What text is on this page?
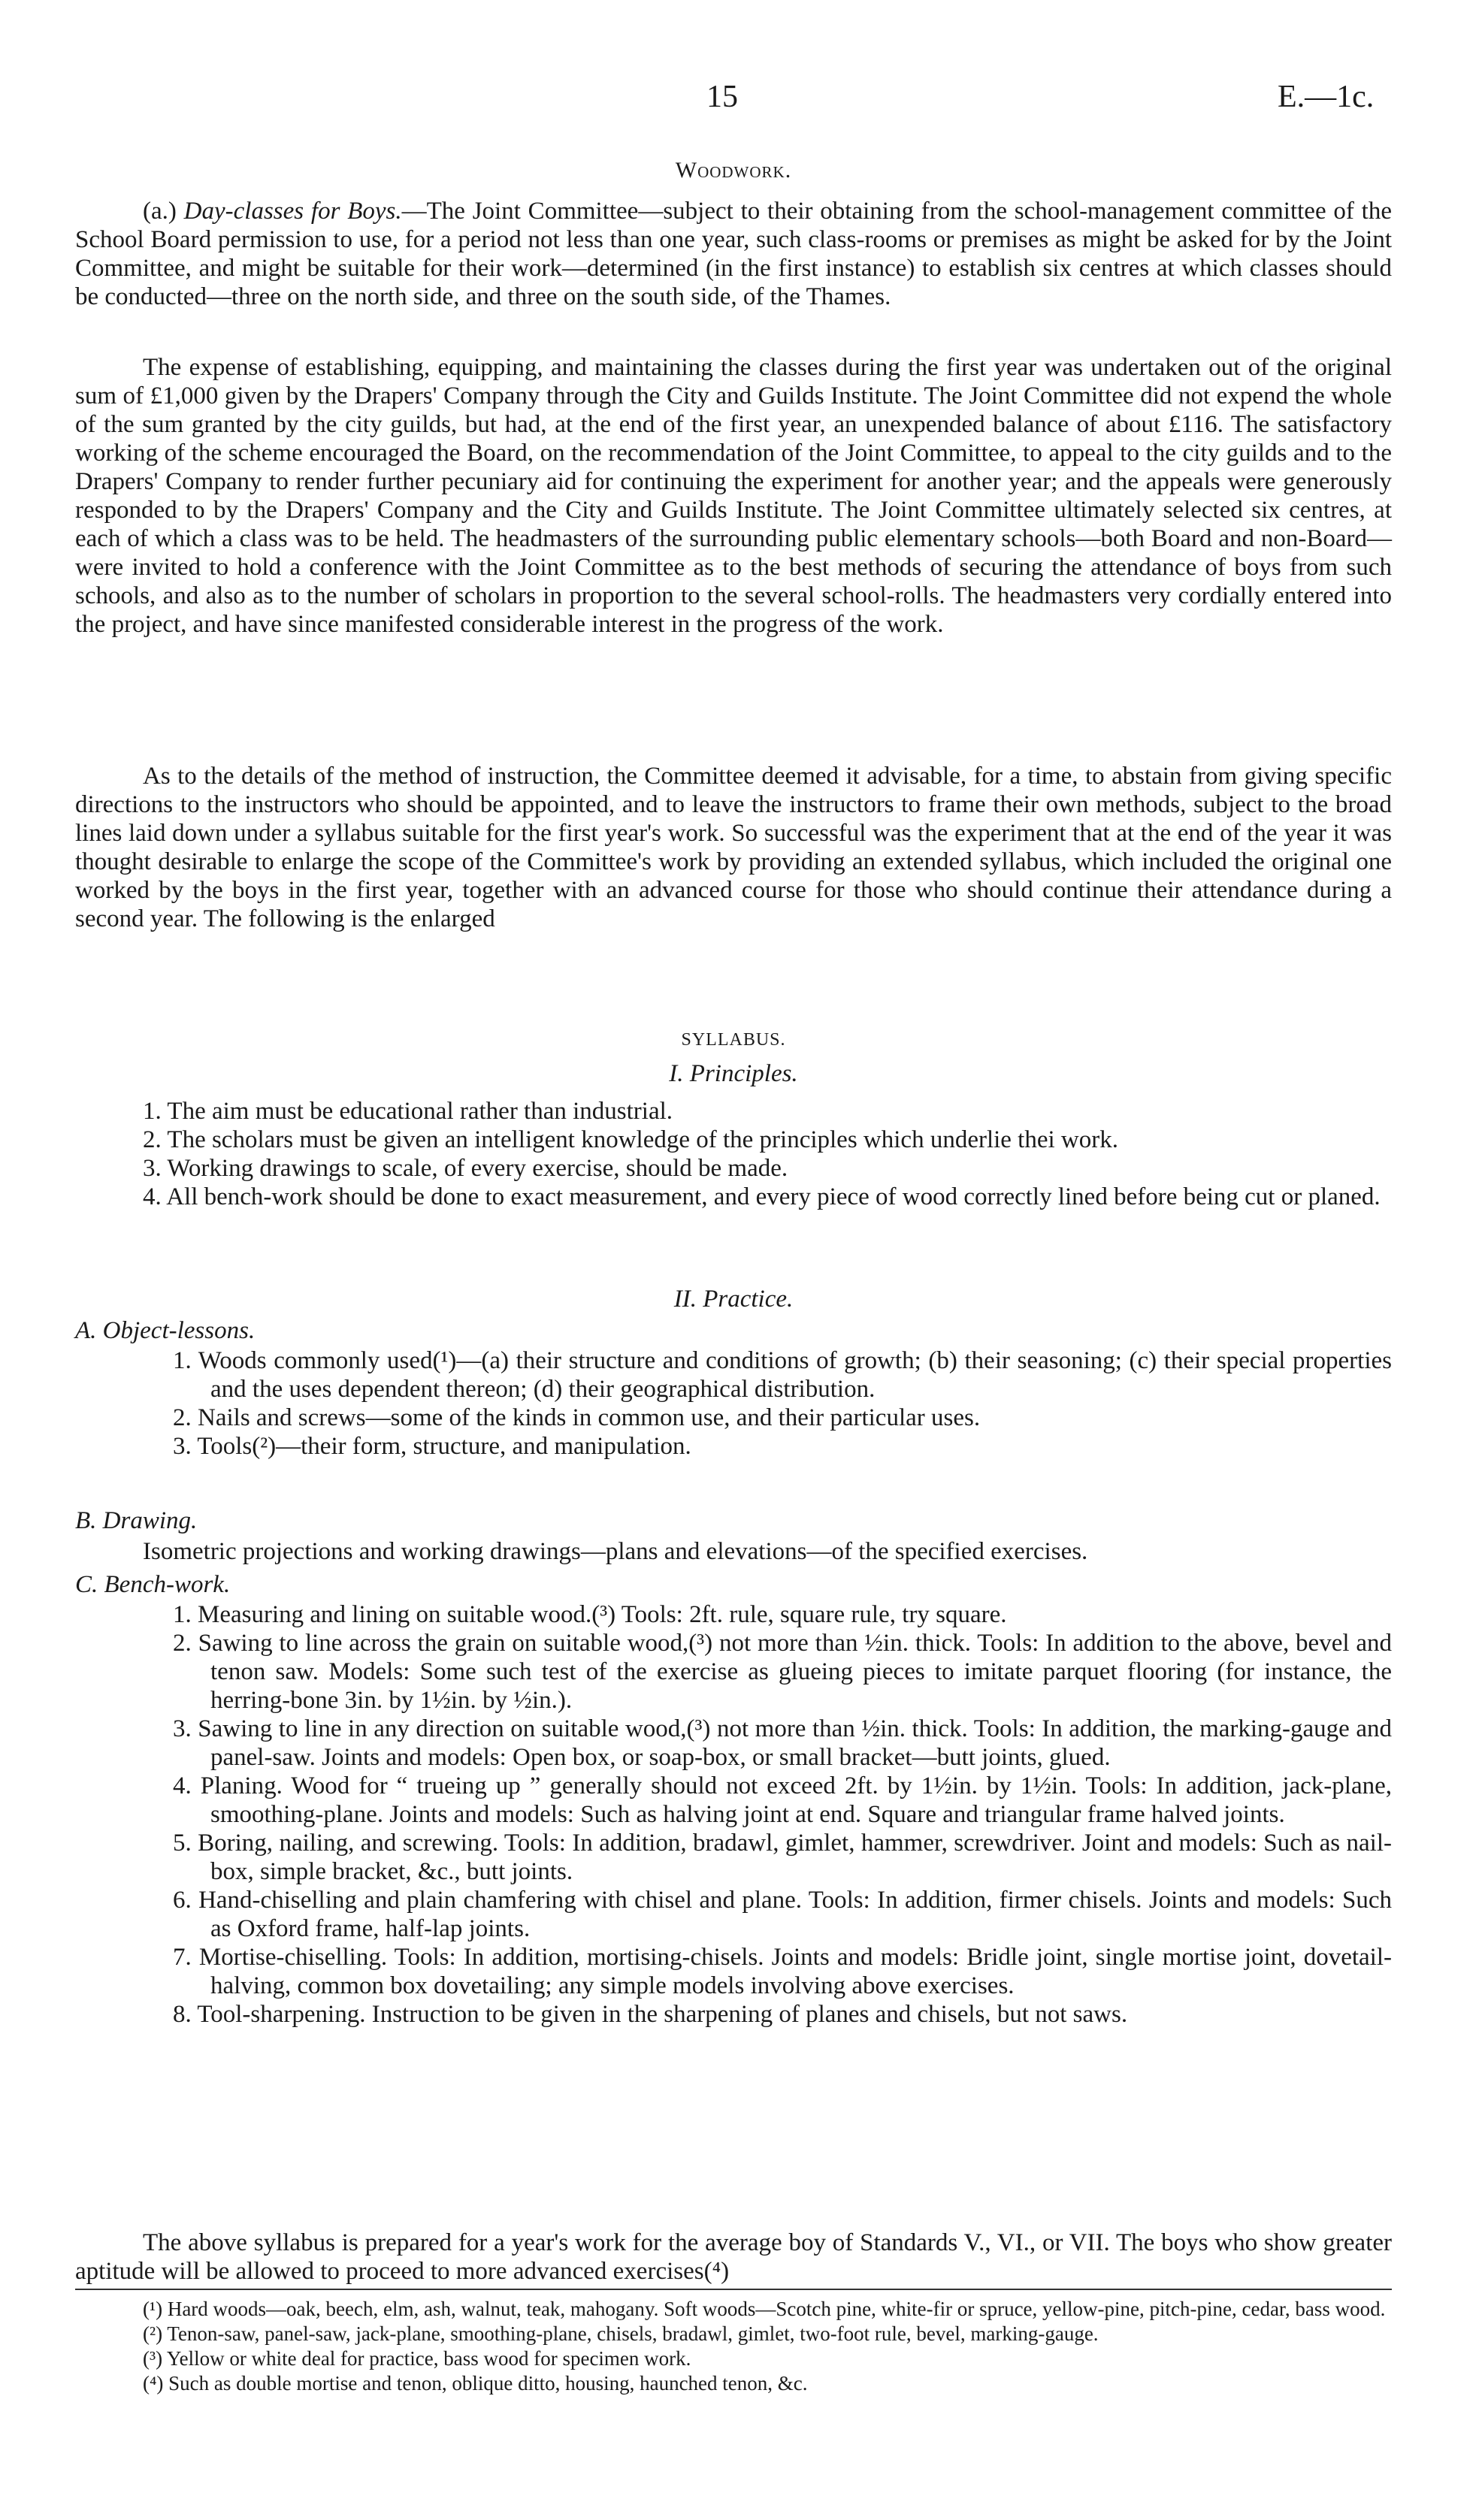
15	E.—1c.
Woodwork.

(a.) Day-classes for Boys.—The Joint Committee—subject to their obtaining from the school-management committee of the School Board permission to use, for a period not less than one year, such class-rooms or premises as might be asked for by the Joint Committee, and might be suitable for their work—determined (in the first instance) to establish six centres at which classes should be conducted—three on the north side, and three on the south side, of the Thames.

The expense of establishing, equipping, and maintaining the classes during the first year was undertaken out of the original sum of £1,000 given by the Drapers' Company through the City and Guilds Institute. The Joint Committee did not expend the whole of the sum granted by the city guilds, but had, at the end of the first year, an unexpended balance of about £116. The satisfactory working of the scheme encouraged the Board, on the recommendation of the Joint Committee, to appeal to the city guilds and to the Drapers' Company to render further pecuniary aid for continuing the experiment for another year; and the appeals were generously responded to by the Drapers' Company and the City and Guilds Institute. The Joint Committee ultimately selected six centres, at each of which a class was to be held. The headmasters of the surrounding public elementary schools—both Board and non-Board—were invited to hold a conference with the Joint Committee as to the best methods of securing the attendance of boys from such schools, and also as to the number of scholars in proportion to the several school-rolls. The headmasters very cordially entered into the project, and have since manifested considerable interest in the progress of the work.

As to the details of the method of instruction, the Committee deemed it advisable, for a time, to abstain from giving specific directions to the instructors who should be appointed, and to leave the instructors to frame their own methods, subject to the broad lines laid down under a syllabus suitable for the first year's work. So successful was the experiment that at the end of the year it was thought desirable to enlarge the scope of the Committee's work by providing an extended syllabus, which included the original one worked by the boys in the first year, together with an advanced course for those who should continue their attendance during a second year. The following is the enlarged

SYLLABUS.
I. Principles.

1. The aim must be educational rather than industrial.

2. The scholars must be given an intelligent knowledge of the principles which underlie thei work.

3. Working drawings to scale, of every exercise, should be made.

4. All bench-work should be done to exact measurement, and every piece of wood correctly lined before being cut or planed.

II. Practice.
A. Object-lessons.

1. Woods commonly used(¹)—(a) their structure and conditions of growth; (b) their seasoning; (c) their special properties and the uses dependent thereon; (d) their geographical distribution.

2. Nails and screws—some of the kinds in common use, and their particular uses.

3. Tools(²)—their form, structure, and manipulation.

B. Drawing.
Isometric projections and working drawings—plans and elevations—of the specified exercises.
C. Bench-work.

1. Measuring and lining on suitable wood.(³) Tools: 2ft. rule, square rule, try square.

2. Sawing to line across the grain on suitable wood,(³) not more than ½in. thick. Tools: In addition to the above, bevel and tenon saw. Models: Some such test of the exercise as glueing pieces to imitate parquet flooring (for instance, the herring-bone 3in. by 1½in. by ½in.).

3. Sawing to line in any direction on suitable wood,(³) not more than ½in. thick. Tools: In addition, the marking-gauge and panel-saw. Joints and models: Open box, or soap-box, or small bracket—butt joints, glued.

4. Planing. Wood for “ trueing up ” generally should not exceed 2ft. by 1½in. by 1½in. Tools: In addition, jack-plane, smoothing-plane. Joints and models: Such as halving joint at end. Square and triangular frame halved joints.

5. Boring, nailing, and screwing. Tools: In addition, bradawl, gimlet, hammer, screwdriver. Joint and models: Such as nail-box, simple bracket, &c., butt joints.

6. Hand-chiselling and plain chamfering with chisel and plane. Tools: In addition, firmer chisels. Joints and models: Such as Oxford frame, half-lap joints.

7. Mortise-chiselling. Tools: In addition, mortising-chisels. Joints and models: Bridle joint, single mortise joint, dovetail-halving, common box dovetailing; any simple models involving above exercises.

8. Tool-sharpening. Instruction to be given in the sharpening of planes and chisels, but not saws.

The above syllabus is prepared for a year's work for the average boy of Standards V., VI., or VII. The boys who show greater aptitude will be allowed to proceed to more advanced exercises(⁴)

(¹) Hard woods—oak, beech, elm, ash, walnut, teak, mahogany. Soft woods—Scotch pine, white-fir or spruce, yellow-pine, pitch-pine, cedar, bass wood.

(²) Tenon-saw, panel-saw, jack-plane, smoothing-plane, chisels, bradawl, gimlet, two-foot rule, bevel, marking-gauge.

(³) Yellow or white deal for practice, bass wood for specimen work.

(⁴) Such as double mortise and tenon, oblique ditto, housing, haunched tenon, &c.
